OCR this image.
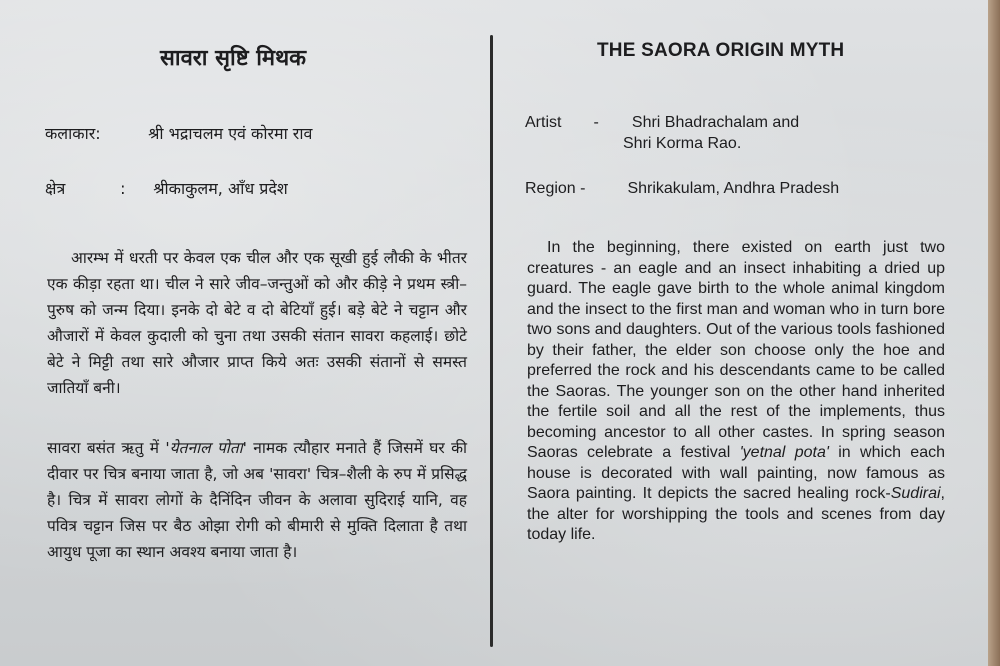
सावरा सृष्टि मिथक
कलाकार:	श्री भद्राचलम एवं कोरमा राव
क्षेत्र	: श्रीकाकुलम, आँध प्रदेश
आरम्भ में धरती पर केवल एक चील और एक सूखी हुई लौकी के भीतर एक कीड़ा रहता था। चील ने सारे जीव–जन्तुओं को और कीड़े ने प्रथम स्त्री–पुरुष को जन्म दिया। इनके दो बेटे व दो बेटियाँ हुई। बड़े बेटे ने चट्टान और औजारों में केवल कुदाली को चुना तथा उसकी संतान सावरा कहलाई। छोटे बेटे ने मिट्टी तथा सारे औजार प्राप्त किये अतः उसकी संतानों से समस्त जातियाँ बनी।
सावरा बसंत ऋतु में 'येतनाल पोता' नामक त्यौहार मनाते हैं जिसमें घर की दीवार पर चित्र बनाया जाता है, जो अब 'सावरा' चित्र–शैली के रुप में प्रसिद्ध है। चित्र में सावरा लोगों के दैनिंदिन जीवन के अलावा सुदिराई यानि, वह पवित्र चट्टान जिस पर बैठ ओझा रोगी को बीमारी से मुक्ति दिलाता है तथा आयुध पूजा का स्थान अवश्य बनाया जाता है।
THE SAORA ORIGIN MYTH
Artist - Shri Bhadrachalam and
Shri Korma Rao.
Region -	Shrikakulam, Andhra Pradesh
In the beginning, there existed on earth just two creatures - an eagle and an insect inhabiting a dried up guard. The eagle gave birth to the whole animal kingdom and the insect to the first man and woman who in turn bore two sons and daughters. Out of the various tools fashioned by their father, the elder son choose only the hoe and preferred the rock and his descendants came to be called the Saoras. The younger son on the other hand inherited the fertile soil and all the rest of the implements, thus becoming ancestor to all other castes. In spring season Saoras celebrate a festival 'yetnal pota' in which each house is decorated with wall painting, now famous as Saora painting. It depicts the sacred healing rock-Sudirai, the alter for worshipping the tools and scenes from day today life.
